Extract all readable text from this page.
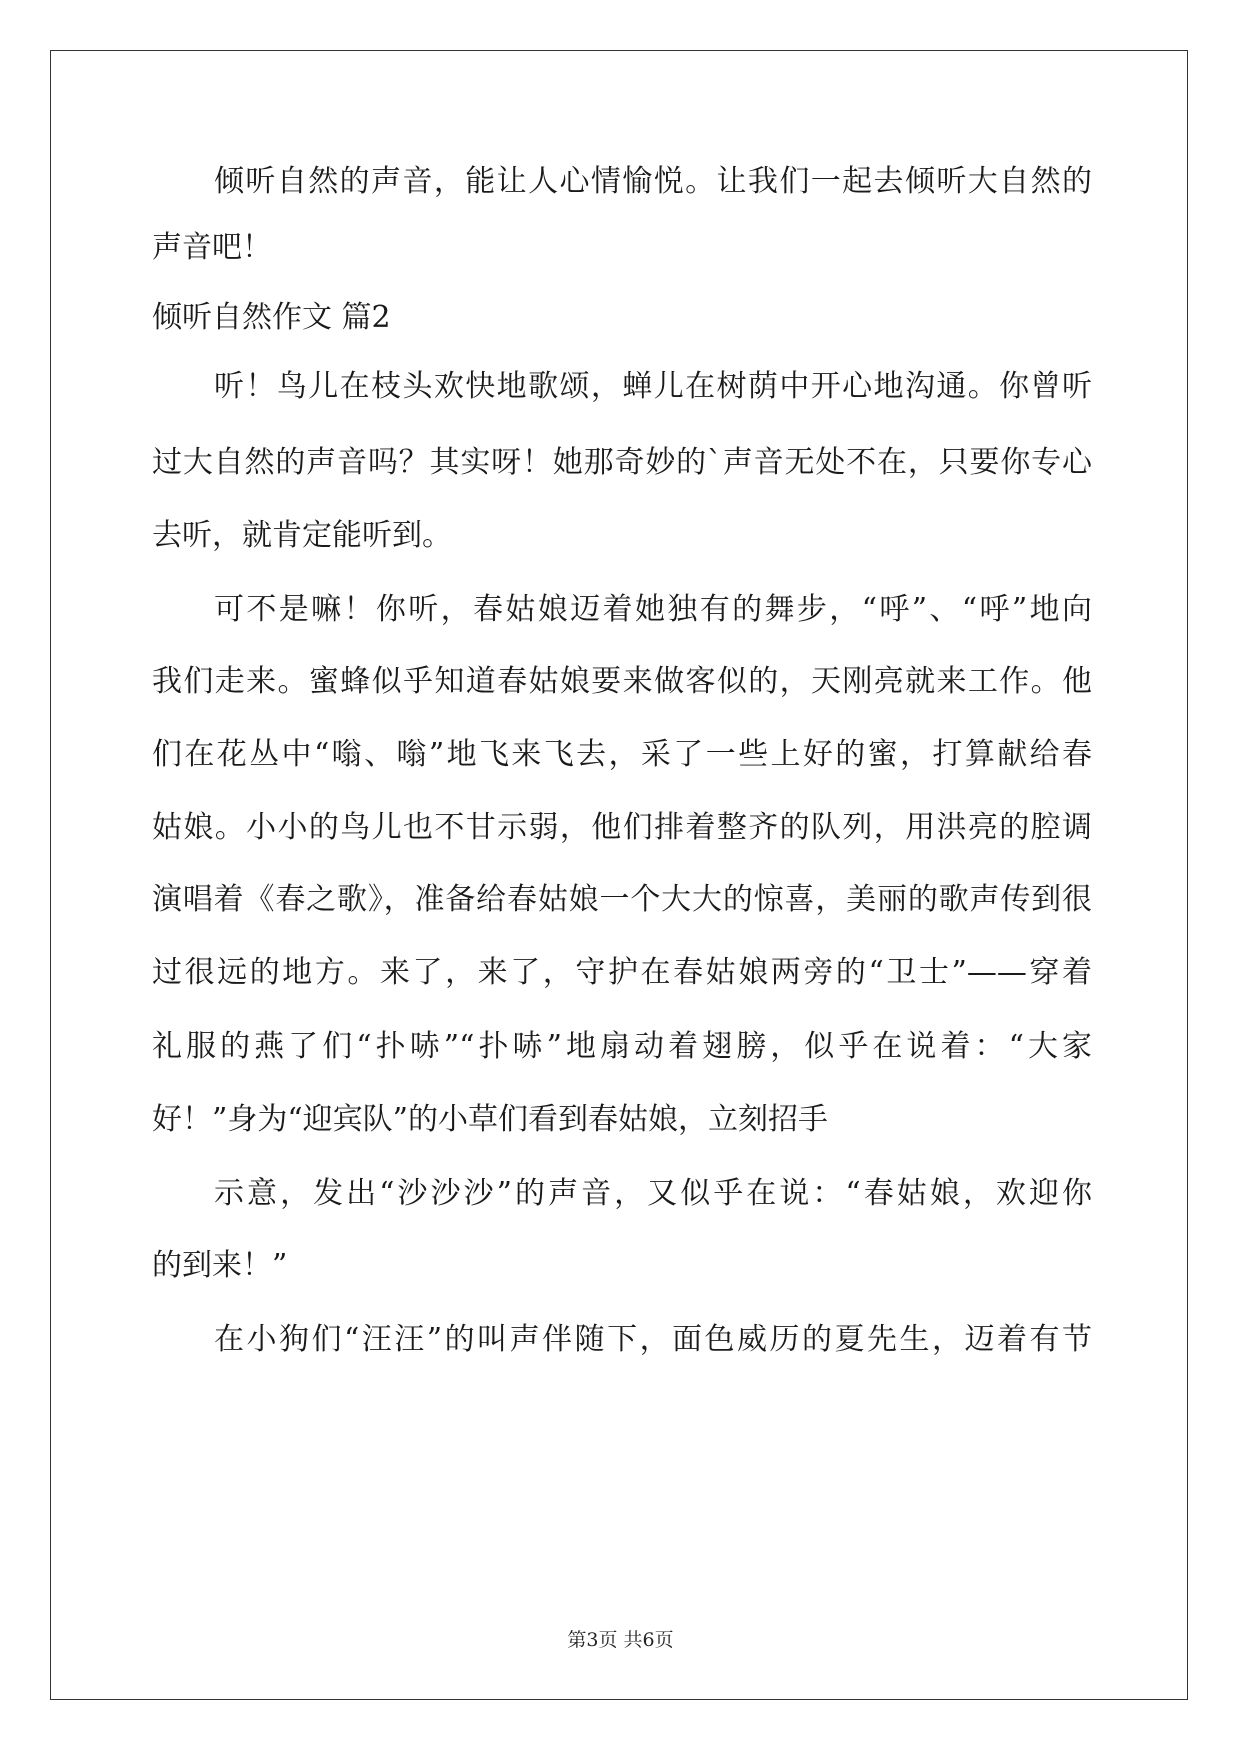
倾听自然的声音，能让人心情愉悦。让我们一起去倾听大自然的
声音吧！
倾听自然作文 篇2
听！鸟儿在枝头欢快地歌颂，蝉儿在树荫中开心地沟通。你曾听
过大自然的声音吗？其实呀！她那奇妙的`声音无处不在，只要你专心
去听，就肯定能听到。
可不是嘛！你听，春姑娘迈着她独有的舞步，“呼”、“呼”地向
我们走来。蜜蜂似乎知道春姑娘要来做客似的，天刚亮就来工作。他
们在花丛中“嗡、嗡”地飞来飞去，采了一些上好的蜜，打算献给春
姑娘。小小的鸟儿也不甘示弱，他们排着整齐的队列，用洪亮的腔调
演唱着《春之歌》，准备给春姑娘一个大大的惊喜，美丽的歌声传到很
过很远的地方。来了，来了，守护在春姑娘两旁的“卫士”——穿着
礼服的燕了们“扑哧”“扑哧”地扇动着翅膀，似乎在说着：“大家
好！”身为“迎宾队”的小草们看到春姑娘，立刻招手
示意，发出“沙沙沙”的声音，又似乎在说：“春姑娘，欢迎你
的到来！”
在小狗们“汪汪”的叫声伴随下，面色威历的夏先生，迈着有节
第3页 共6页
